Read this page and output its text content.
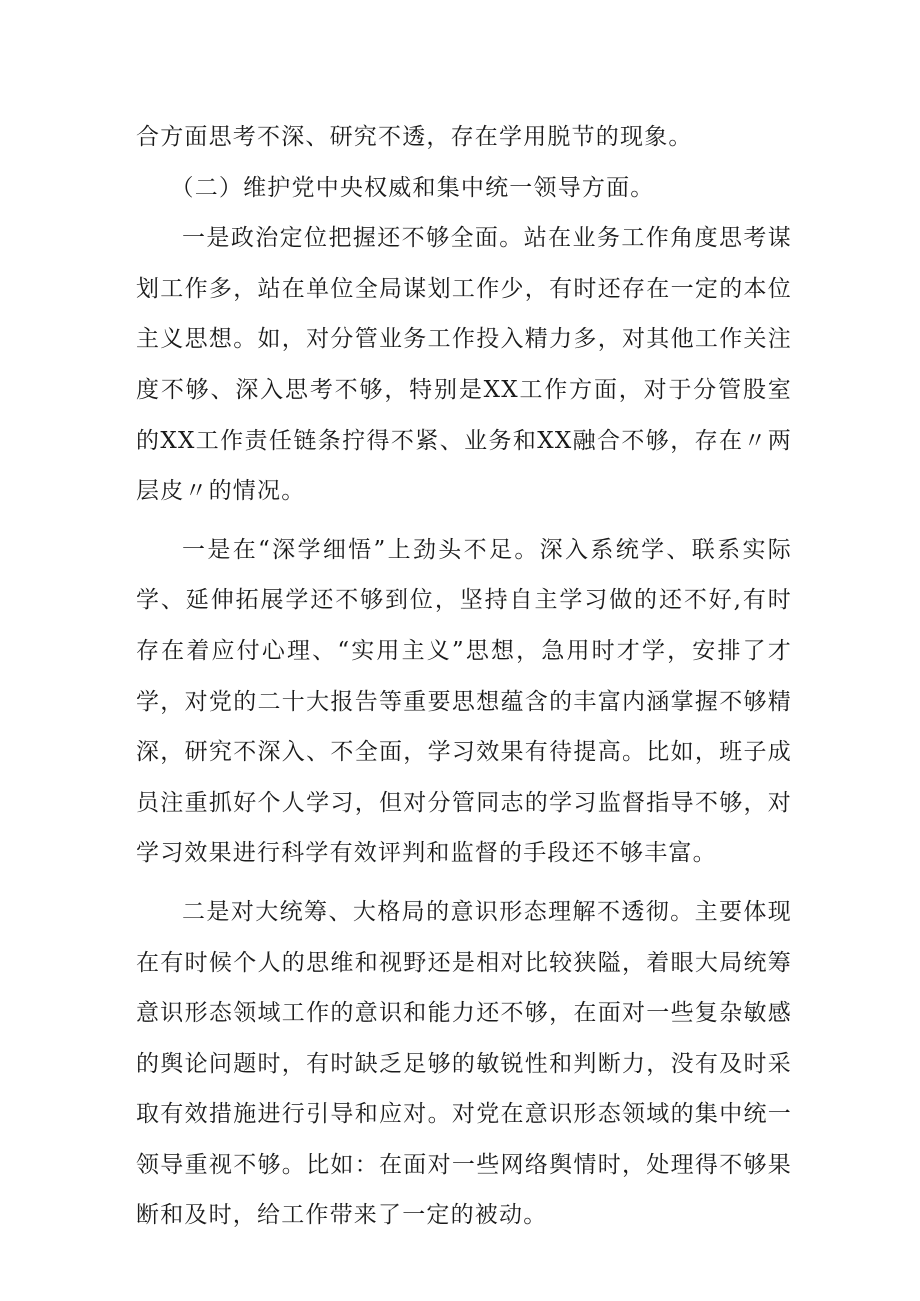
合方面思考不深、研究不透，存在学用脱节的现象。

（二）维护党中央权威和集中统一领导方面。

一是政治定位把握还不够全面。站在业务工作角度思考谋划工作多，站在单位全局谋划工作少，有时还存在一定的本位主义思想。如，对分管业务工作投入精力多，对其他工作关注度不够、深入思考不够，特别是XX工作方面，对于分管股室的XX工作责任链条拧得不紧、业务和XX融合不够，存在〃两层皮〃的情况。

一是在“深学细悟”上劲头不足。深入系统学、联系实际学、延伸拓展学还不够到位，坚持自主学习做的还不好,有时存在着应付心理、“实用主义”思想，急用时才学，安排了才学，对党的二十大报告等重要思想蕴含的丰富内涵掌握不够精深，研究不深入、不全面，学习效果有待提高。比如，班子成员注重抓好个人学习，但对分管同志的学习监督指导不够，对学习效果进行科学有效评判和监督的手段还不够丰富。

二是对大统筹、大格局的意识形态理解不透彻。主要体现在有时候个人的思维和视野还是相对比较狭隘，着眼大局统筹意识形态领域工作的意识和能力还不够，在面对一些复杂敏感的舆论问题时，有时缺乏足够的敏锐性和判断力，没有及时采取有效措施进行引导和应对。对党在意识形态领域的集中统一领导重视不够。比如：在面对一些网络舆情时，处理得不够果断和及时，给工作带来了一定的被动。
